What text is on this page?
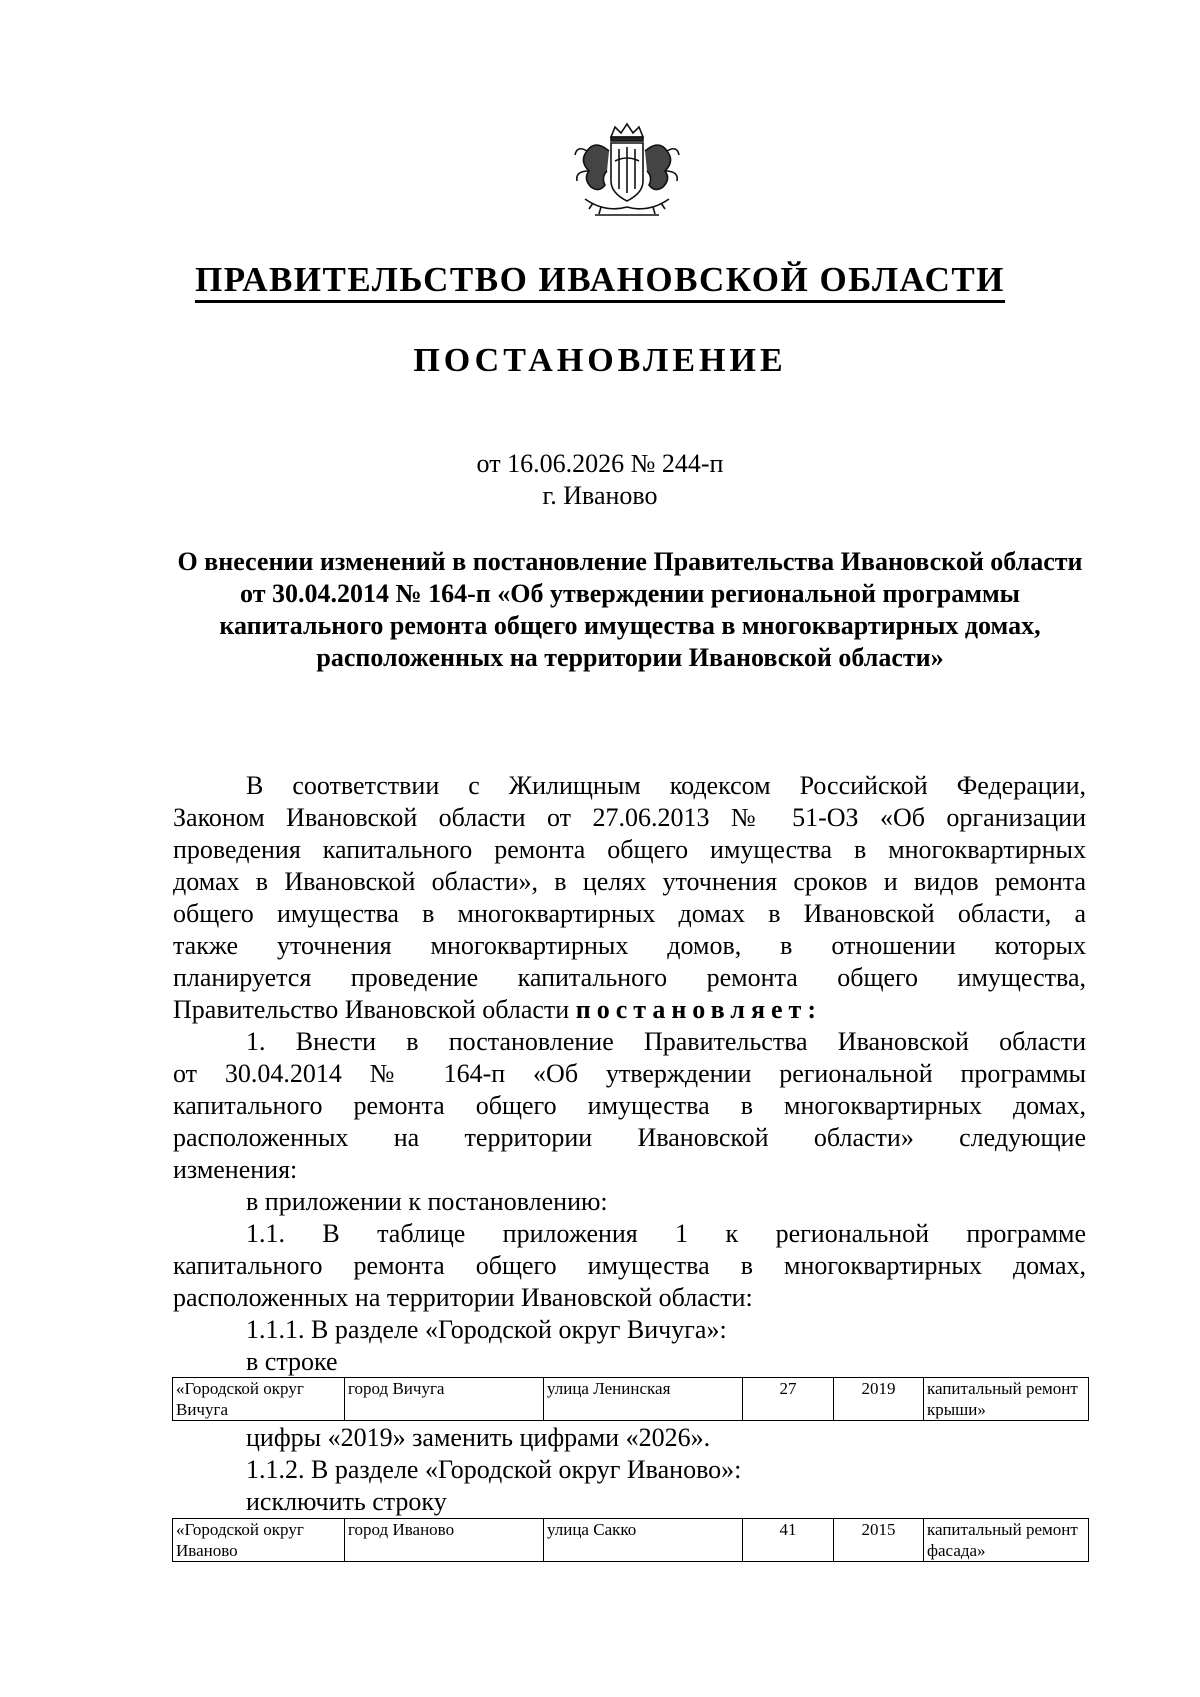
ПРАВИТЕЛЬСТВО ИВАНОВСКОЙ ОБЛАСТИ
ПОСТАНОВЛЕНИЕ
от 16.06.2026 № 244-п
г. Иваново
О внесении изменений в постановление Правительства Ивановской области от 30.04.2014 № 164-п «Об утверждении региональной программы капитального ремонта общего имущества в многоквартирных домах, расположенных на территории Ивановской области»
В соответствии с Жилищным кодексом Российской Федерации,
Законом Ивановской области от 27.06.2013 № 51-ОЗ «Об организации
проведения капитального ремонта общего имущества в многоквартирных
домах в Ивановской области», в целях уточнения сроков и видов ремонта
общего имущества в многоквартирных домах в Ивановской области, а
также уточнения многоквартирных домов, в отношении которых
планируется проведение капитального ремонта общего имущества,
Правительство Ивановской области постановляет:
1. Внести в постановление Правительства Ивановской области
от 30.04.2014 № 164-п «Об утверждении региональной программы
капитального ремонта общего имущества в многоквартирных домах,
расположенных на территории Ивановской области» следующие
изменения:
в приложении к постановлению:
1.1. В таблице приложения 1 к региональной программе
капитального ремонта общего имущества в многоквартирных домах,
расположенных на территории Ивановской области:
1.1.1. В разделе «Городской округ Вичуга»:
в строке
«Городской округ Вичуга	город Вичуга	улица Ленинская	27	2019	капитальный ремонт крыши»
цифры «2019» заменить цифрами «2026».
1.1.2. В разделе «Городской округ Иваново»:
исключить строку
«Городской округ Иваново	город Иваново	улица Сакко	41	2015	капитальный ремонт фасада»
